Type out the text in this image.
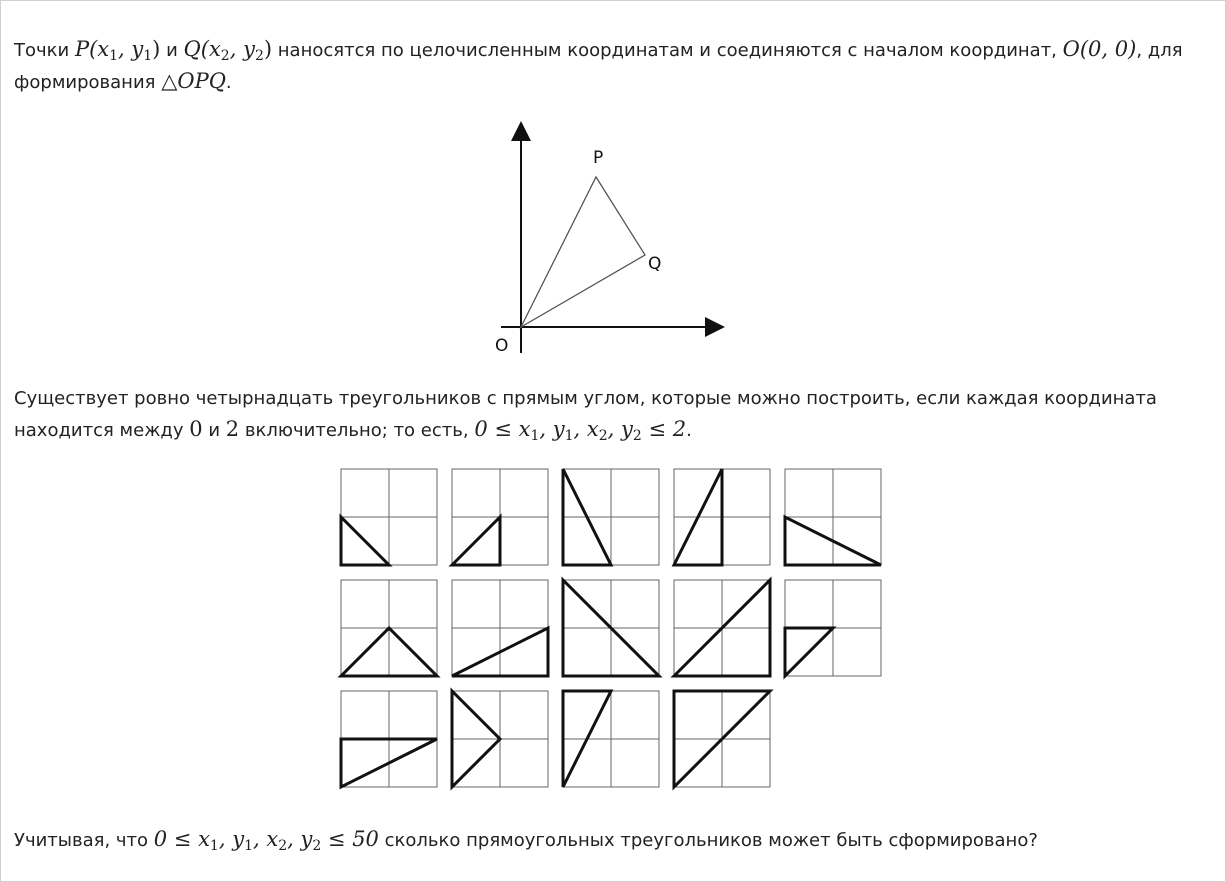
Точки $P(x_1$, $y_1$) и $Q(x_2$, $y_2$) наносятся по целочисленным координатам и соединяются с началом координат, O(0, 0), для формирования △OPQ.

P
Q
O

Существует ровно четырнадцать треугольников с прямым углом, которые можно построить, если каждая координата находится между 0 и 2 включительно; то есть, $0 \le x_1$, $y_1$, $x_2$, $y_2 \le 2$.

Учитывая, что $0 \le x_1$, $y_1$, $x_2$, $y_2 \le 50$ сколько прямоугольных треугольников может быть сформировано?
